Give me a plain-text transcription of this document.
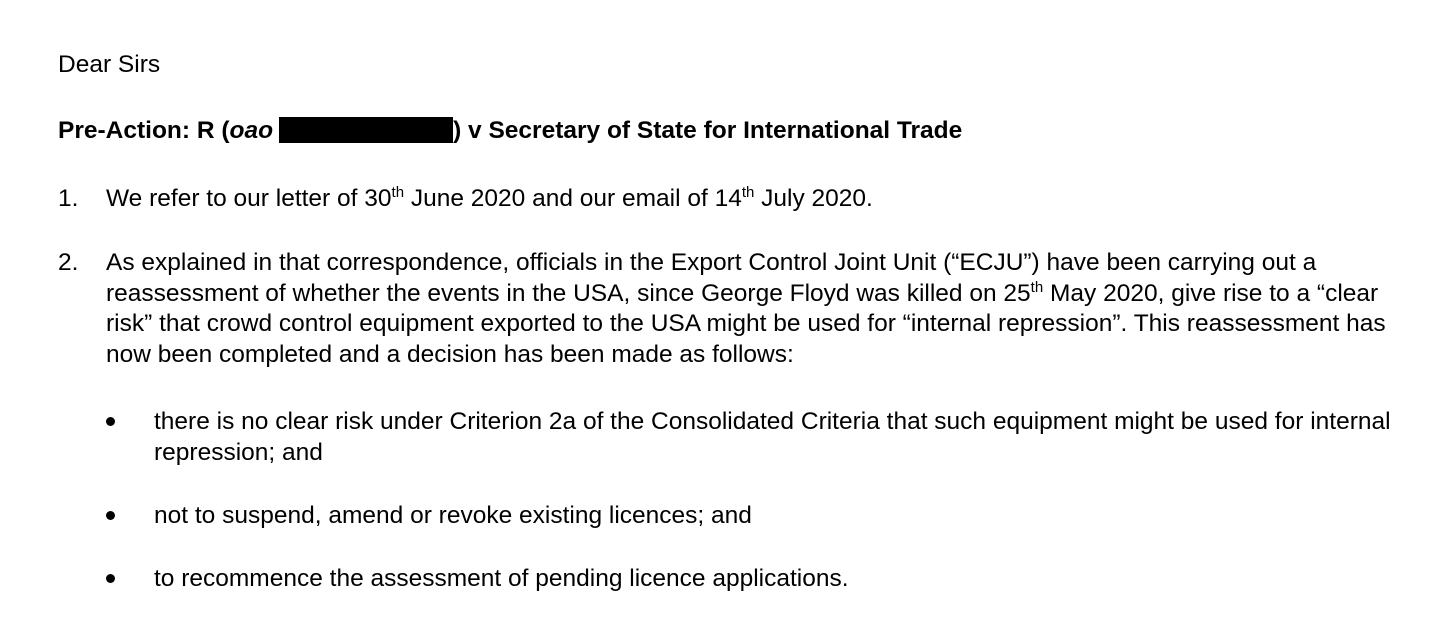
Dear Sirs
Pre-Action: R (oao	) v Secretary of State for International Trade
1. We refer to our letter of 30th June 2020 and our email of 14th July 2020.
2. As explained in that correspondence, officials in the Export Control Joint Unit (“ECJU”) have been carrying out a reassessment of whether the events in the USA, since George Floyd was killed on 25th May 2020, give rise to a “clear risk” that crowd control equipment exported to the USA might be used for “internal repression”. This reassessment has now been completed and a decision has been made as follows:
there is no clear risk under Criterion 2a of the Consolidated Criteria that such equipment might be used for internal repression; and
not to suspend, amend or revoke existing licences; and
to recommence the assessment of pending licence applications.
